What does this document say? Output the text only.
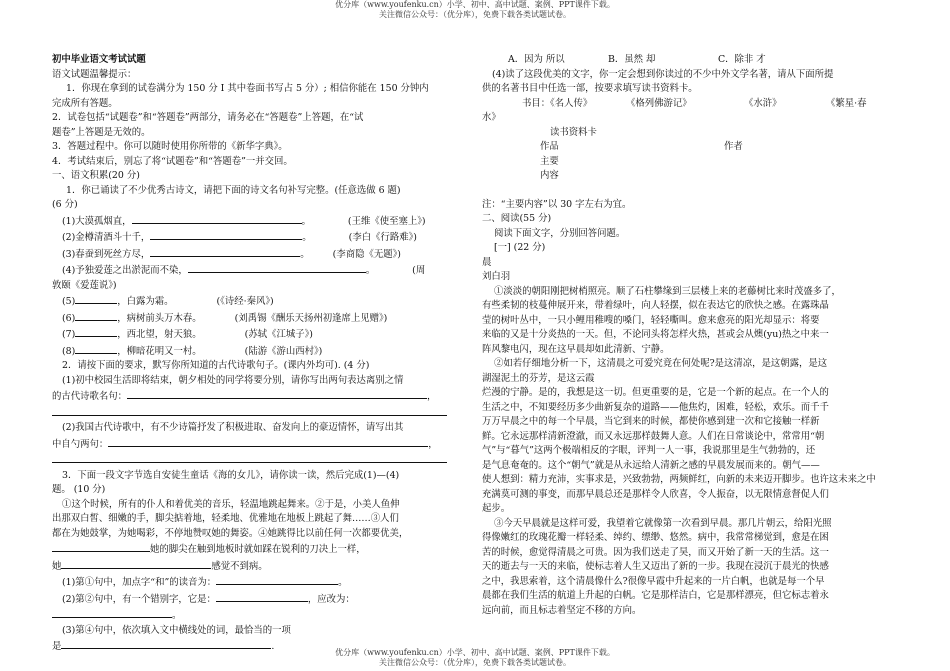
优分库（www.youfenku.cn）小学、初中、高中试题、案例、PPT课件下载。
关注微信公众号：（优分库），免费下载各类试题试卷。
初中毕业语文考试试题
语文试题温馨提示：
1．你现在拿到的试卷满分为 150 分 I 其中卷面书写占 5 分）; 相信你能在 150 分钟内
完成所有答题。
2．试卷包括“试题卷”和“答题卷”两部分，请务必在“答题卷”上答题，在“试
题卷”上答题是无效的。
3．答题过程中。你可以随时使用你所带的《新华字典》。
4．考试结束后，别忘了将“试题卷”和“答题卷”一并交回。
一、语文积累(20 分)
1．你已诵读了不少优秀古诗文，请把下面的诗文名句补写完整。(任意选做 6 题)
(6 分)
(1)大漠孤烟直，	。	(王维《使至塞上》)
(2)金樽清酒斗十千，	。	(李白《行路难》)
(3)春蚕到死丝方尽，	。 (李商隐《无题》)
(4)予独爱莲之出淤泥而不染，	。	(周
敦颐《爱莲说》)
(5)	，白露为霜。	(《诗经·秦风》)
(6)	，病树前头万木春。	(刘禹锡《酬乐天扬州初逢席上见赠》)
(7)	，西北望，射天狼。	(苏轼《江城子》)
(8)	，柳暗花明又一村。	(陆游《游山西村》)
2．请按下面的要求，默写你所知道的古代诗歌句子。(课内外均可). (4 分)
(1)初中校园生活即将结束，朝夕相处的同学将要分别，请你写出两句表达离别之情
的古代诗歌名句：	，
(2)我国古代诗歌中，有不少诗篇抒发了积极进取、奋发向上的豪迈情怀，请写出其
中自勺两句：	，
3．下面一段文字节选自安徒生童话《海的女儿》，请你读一读，然后完成(1)—(4)
题。 (10 分)
①这个时候，所有的仆人和着优美的音乐，轻温地跳起舞来。②于是，小美人鱼伸
出那双白皙、细嫩的手，脚尖掂着地，轻柔地、优雅地在地板上跳起了舞……③人们
都在为她鼓掌，为她喝彩，不停地赞叹她的舞姿。④她跳得比以前任何一次都要优美，
她的脚尖在触到地板时就如踩在锐利的刀决上一样，
她	感觉不到病。
(1)第①句中，加点字“和”的读音为：	。
(2)第②句中，有一个错别字，它是：	，应改为：
。
(3)第④句中，依次填入文中横线处的词，最恰当的一项
是	.
A．因为 所以	B．虽然 却	C．除非 才
(4)读了这段优美的文字，你一定会想到你读过的不少中外文学名著，请从下面所提
供的名著书目中任选一部，按要求填写读书资料卡。
书目：《名人传》	《格列佛游记》	《水浒》	《繁星·春
水》
读书资料卡
作品	作者
主要
内容
注：“主要内容”以 30 字左右为宜。
二、阅读(55 分)
阅读下面文字，分别回答问题。
[一] (22 分)
晨
刘白羽
①淡淡的朝阳刚把树梢照亮。顺了石柱攀缘到三层楼上来的老藤树比来时茂盛多了，
有些柔韧的枝蔓伸展开来，带着绿叶，向人轻摆，似在表达它的欣快之感。在露珠晶
莹的树叶丛中，一只小鲤用稚嗖的嗓门，轻轻嘶叫。愈来愈亮的阳光却显示：将要
来临的又是十分炎热的一天。但，不论同头将怎样火热，甚或会从燠(yu)热之中来一
阵风黎电闪，现在这早晨却如此清新、宁静。
②如若仔细地分析一下，这清晨之可爱究竟在何处呢?是这清凉，是这朝露，是这
湖湿泥土的芬芳，是这云霞
烂漫的宁静。是的，我想是这一切。但更重要的是，它是一个新的起点。在一个人的
生活之中，不知要经历多少曲新复杂的道路——他焦灼，困难，轻松，欢乐。而千千
万万早晨之中的每一个早晨，当它到来的时候，都使你感到建一次和它接触一样新
鲜。它永远那样清新澄澈，而又永远那样鼓舞人意。人们在日常谈论中，常常用“朝
气”与“暮气”这两个极端相反的字眼，评判一人一事，我说那里是生气勃勃的，还
是气息奄奄的。这个“朝气”就是从永远给人清新之感的早晨发展而来的。朝气——
使人想到：精力充沛，实事求是，兴致勃勃，两频鲜红，向新的未来迈开脚步。也许这未来之中
充满莫可测的事变，而那早晨总还是那样令人欣喜，令人振奋，以无限情意督促人们
起步。
③今天早晨就是这样可爱，我望着它就像第一次看到早晨。那几片朝云，给阳光照
得像嫩红的玫瑰花瓣一样轻柔、绰约、缥缈、悠然。病中，我常常梯觉到，愈是在困
苦的时候，愈觉得清晨之可贵。因为我们送走了昊，而又开始了新一天的生活。这一
天的逝去与一天的来临，使标志着人生又迈出了新的一步。我现在浸沉于晨光的快感
之中，我思索着，这个清晨像什么?很像早霞中升起来的一片白帆，也就是每一个早
晨都在我们生活的航道上升起的白帆。它是那样洁白，它是那样漂亮，但它标志着永
远向前，而且标志着坚定不移的方向。
优分库（www.youfenku.cn）小学、初中、高中试题、案例、PPT课件下载。
关注微信公众号：（优分库），免费下载各类试题试卷。
